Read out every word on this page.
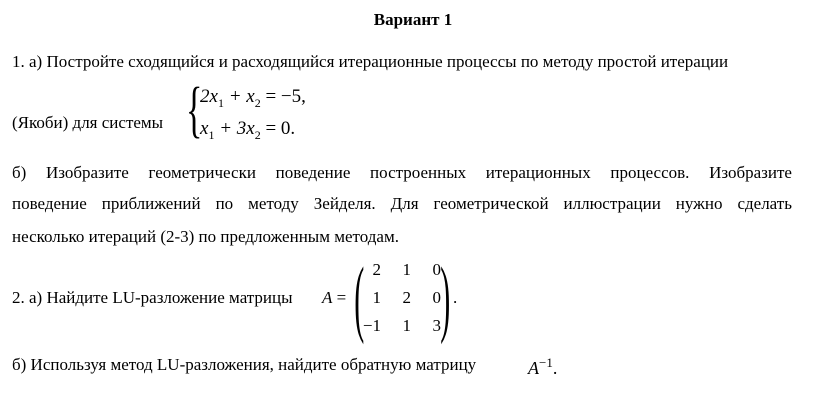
Вариант 1
1. а) Постройте сходящийся и расходящийся итерационные процессы по методу простой итерации
(Якоби) для системы {
$2x_1 + x_2 = -5$,
$x_1 + 3x_2 = 0$.
б) Изобразите геометрически поведение построенных итерационных процессов. Изобразите
поведение приближений по методу Зейделя. Для геометрической иллюстрации нужно сделать
несколько итераций (2-3) по предложенным методам.
2. а) Найдите LU-разложение матрицы A = ( )
2	1	0
1	2	0
−1	1	3
.
б) Используя метод LU-разложения, найдите обратную матрицу	$A^{-1}$.
